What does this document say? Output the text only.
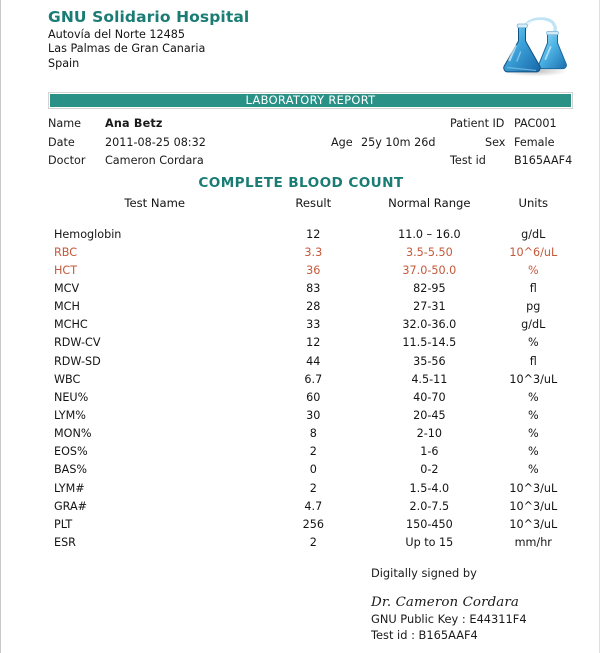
GNU Solidario Hospital
Autovía del Norte 12485
Las Palmas de Gran Canaria
Spain
LABORATORY REPORT
Name Ana Betz	Patient ID PAC001
Date	2011-08-25 08:32	Age 25y 10m 26d	Sex Female
Doctor Cameron Cordara	Test id	B165AAF4
COMPLETE BLOOD COUNT
Test Name	Result	Normal Range	Units
Hemoglobin	12	11.0 – 16.0	g/dL
RBC	3.3	3.5-5.50	10^6/uL
HCT	36	37.0-50.0	%
MCV	83	82-95	fl
MCH	28	27-31	pg
MCHC	33	32.0-36.0	g/dL
RDW-CV	12	11.5-14.5	%
RDW-SD	44	35-56	fl
WBC	6.7	4.5-11	10^3/uL
NEU%	60	40-70	%
LYM%	30	20-45	%
MON%	8	2-10	%
EOS%	2	1-6	%
BAS%	0	0-2	%
LYM#	2	1.5-4.0	10^3/uL
GRA#	4.7	2.0-7.5	10^3/uL
PLT	256	150-450	10^3/uL
ESR	2	Up to 15	mm/hr
Digitally signed by
Dr. Cameron Cordara
GNU Public Key : E44311F4
Test id : B165AAF4
